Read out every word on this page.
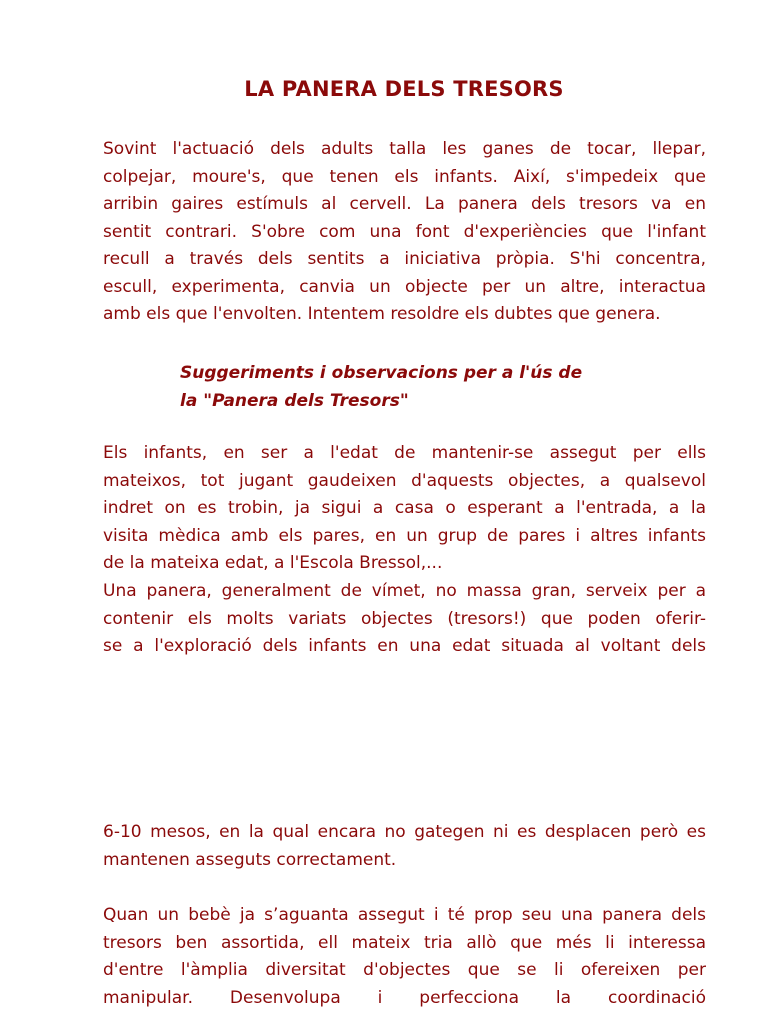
LA PANERA DELS TRESORS
Sovint l'actuació dels adults talla les ganes de tocar, llepar,
colpejar, moure's, que tenen els infants. Així, s'impedeix que
arribin gaires estímuls al cervell. La panera dels tresors va en
sentit contrari. S'obre com una font d'experiències que l'infant
recull a través dels sentits a iniciativa pròpia. S'hi concentra,
escull, experimenta, canvia un objecte per un altre, interactua
amb els que l'envolten. Intentem resoldre els dubtes que genera.
Suggeriments i observacions per a l'ús de
la "Panera dels Tresors"
Els infants, en ser a l'edat de mantenir-se assegut per ells
mateixos, tot jugant gaudeixen d'aquests objectes, a qualsevol
indret on es trobin, ja sigui a casa o esperant a l'entrada, a la
visita mèdica amb els pares, en un grup de pares i altres infants
de la mateixa edat, a l'Escola Bressol,...
Una panera, generalment de vímet, no massa gran, serveix per a
contenir els molts variats objectes (tresors!) que poden oferir-
se a l'exploració dels infants en una edat situada al voltant dels
6-10 mesos, en la qual encara no gategen ni es desplacen però es
mantenen asseguts correctament.
Quan un bebè ja s’aguanta assegut i té prop seu una panera dels
tresors ben assortida, ell mateix tria allò que més li interessa
d'entre l'àmplia diversitat d'objectes que se li ofereixen per
manipular. Desenvolupa i perfecciona la coordinació
